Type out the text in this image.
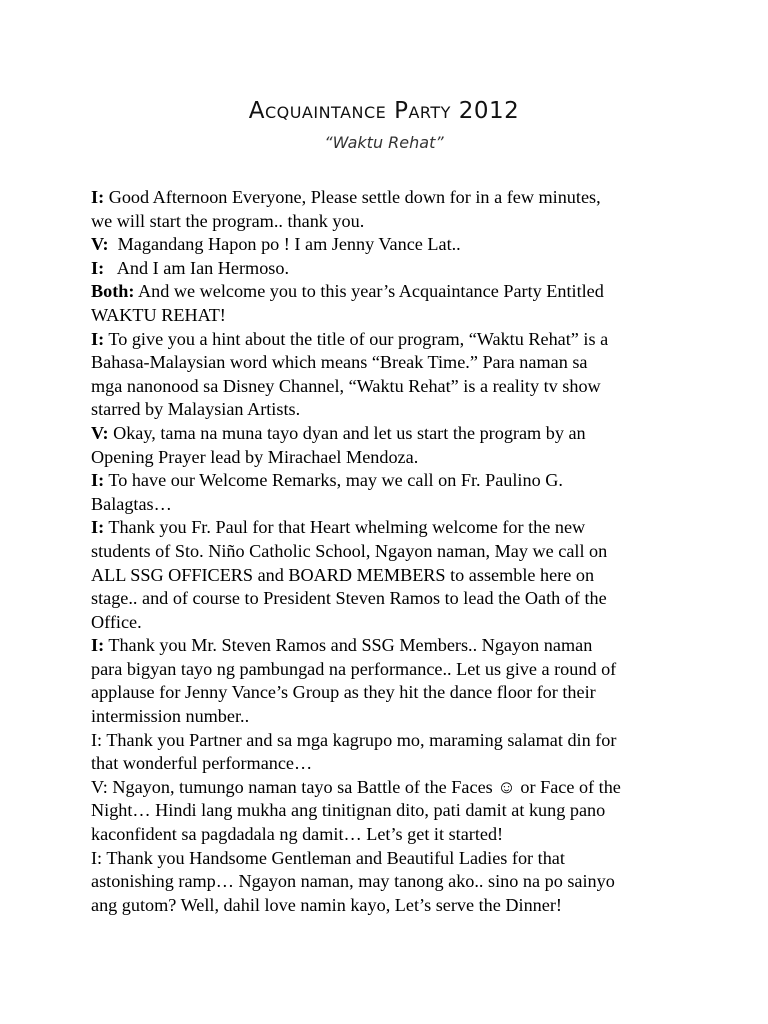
Acquaintance Party 2012
“Waktu Rehat”
I: Good Afternoon Everyone, Please settle down for in a few minutes,
we will start the program.. thank you.
V:  Magandang Hapon po ! I am Jenny Vance Lat..
I:   And I am Ian Hermoso.
Both: And we welcome you to this year’s Acquaintance Party Entitled
WAKTU REHAT!
I: To give you a hint about the title of our program, “Waktu Rehat” is a
Bahasa-Malaysian word which means “Break Time.” Para naman sa
mga nanonood sa Disney Channel, “Waktu Rehat” is a reality tv show
starred by Malaysian Artists.
V: Okay, tama na muna tayo dyan and let us start the program by an
Opening Prayer lead by Mirachael Mendoza.
I: To have our Welcome Remarks, may we call on Fr. Paulino G.
Balagtas…
I: Thank you Fr. Paul for that Heart whelming welcome for the new
students of Sto. Niño Catholic School, Ngayon naman, May we call on
ALL SSG OFFICERS and BOARD MEMBERS to assemble here on
stage.. and of course to President Steven Ramos to lead the Oath of the
Office.
I: Thank you Mr. Steven Ramos and SSG Members.. Ngayon naman
para bigyan tayo ng pambungad na performance.. Let us give a round of
applause for Jenny Vance’s Group as they hit the dance floor for their
intermission number..
I: Thank you Partner and sa mga kagrupo mo, maraming salamat din for
that wonderful performance…
V: Ngayon, tumungo naman tayo sa Battle of the Faces ☺ or Face of the
Night… Hindi lang mukha ang tinitignan dito, pati damit at kung pano
kaconfident sa pagdadala ng damit… Let’s get it started!
I: Thank you Handsome Gentleman and Beautiful Ladies for that
astonishing ramp… Ngayon naman, may tanong ako.. sino na po sainyo
ang gutom? Well, dahil love namin kayo, Let’s serve the Dinner!
